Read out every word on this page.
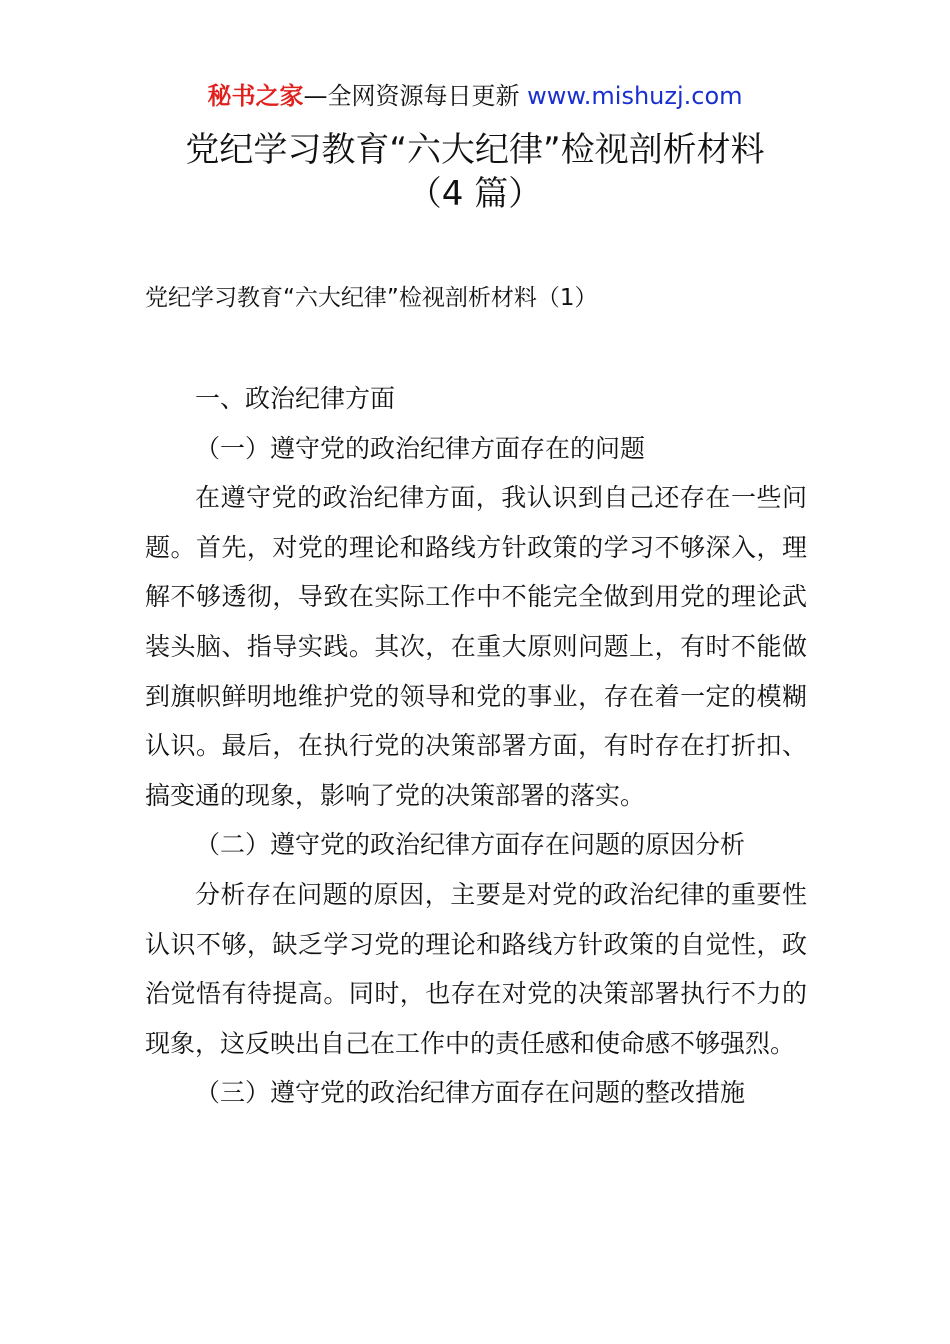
秘书之家—全网资源每日更新 www.mishuzj.com
党纪学习教育“六大纪律”检视剖析材料
（4 篇）
党纪学习教育“六大纪律”检视剖析材料（1）

一、政治纪律方面

（一）遵守党的政治纪律方面存在的问题

在遵守党的政治纪律方面，我认识到自己还存在一些问题。首先，对党的理论和路线方针政策的学习不够深入，理解不够透彻，导致在实际工作中不能完全做到用党的理论武装头脑、指导实践。其次，在重大原则问题上，有时不能做到旗帜鲜明地维护党的领导和党的事业，存在着一定的模糊认识。最后，在执行党的决策部署方面，有时存在打折扣、搞变通的现象，影响了党的决策部署的落实。

（二）遵守党的政治纪律方面存在问题的原因分析

分析存在问题的原因，主要是对党的政治纪律的重要性认识不够，缺乏学习党的理论和路线方针政策的自觉性，政治觉悟有待提高。同时，也存在对党的决策部署执行不力的现象，这反映出自己在工作中的责任感和使命感不够强烈。

（三）遵守党的政治纪律方面存在问题的整改措施
